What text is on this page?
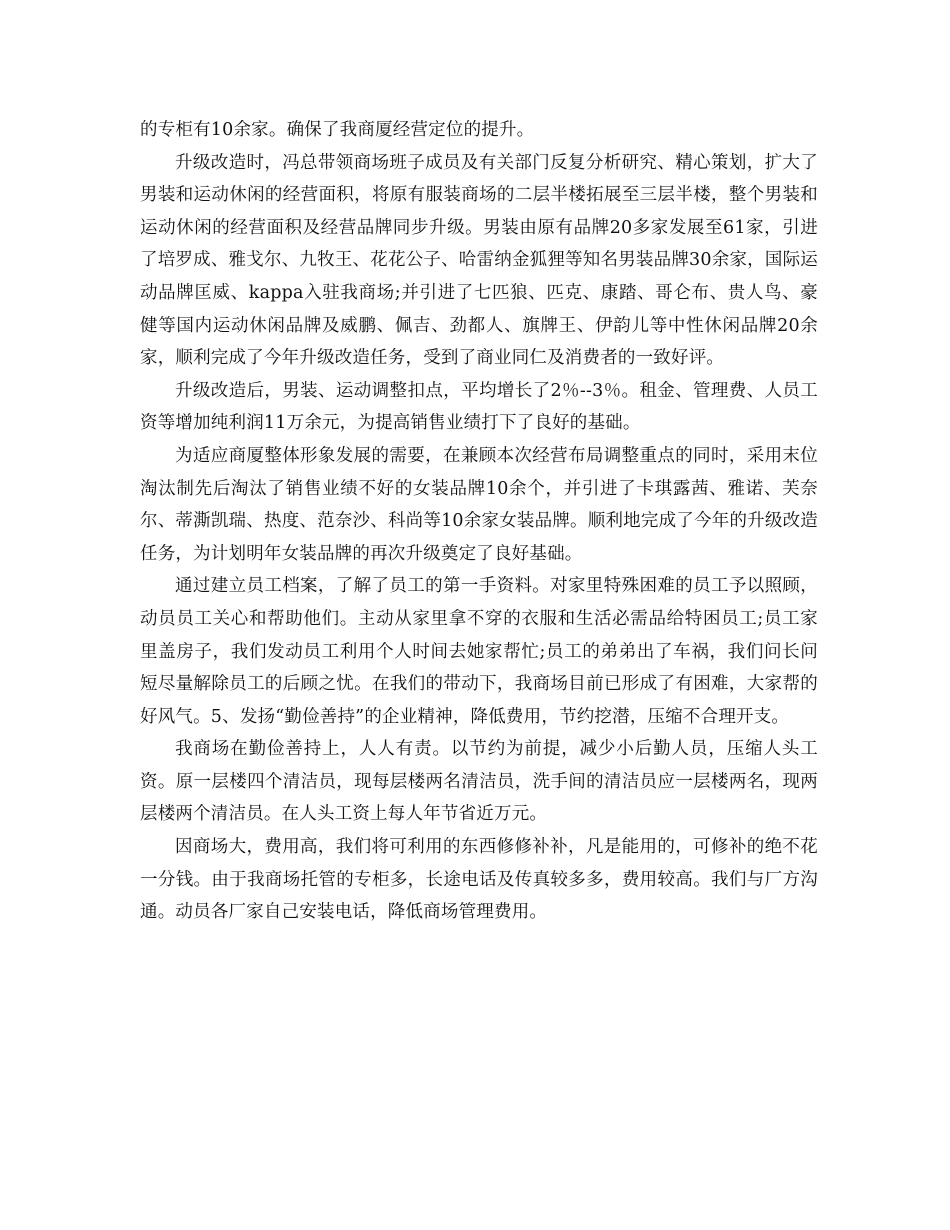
的专柜有10余家。确保了我商厦经营定位的提升。

升级改造时，冯总带领商场班子成员及有关部门反复分析研究、精心策划，扩大了男装和运动休闲的经营面积，将原有服装商场的二层半楼拓展至三层半楼，整个男装和运动休闲的经营面积及经营品牌同步升级。男装由原有品牌20多家发展至61家，引进了培罗成、雅戈尔、九牧王、花花公子、哈雷纳金狐狸等知名男装品牌30余家，国际运动品牌匡威、kappa入驻我商场;并引进了七匹狼、匹克、康踏、哥仑布、贵人鸟、豪健等国内运动休闲品牌及威鹏、佩吉、劲都人、旗牌王、伊韵儿等中性休闲品牌20余家，顺利完成了今年升级改造任务，受到了商业同仁及消费者的一致好评。

升级改造后，男装、运动调整扣点，平均增长了2％--3％。租金、管理费、人员工资等增加纯利润11万余元，为提高销售业绩打下了良好的基础。

为适应商厦整体形象发展的需要，在兼顾本次经营布局调整重点的同时，采用末位淘汰制先后淘汰了销售业绩不好的女装品牌10余个，并引进了卡琪露茜、雅诺、芙奈尔、蒂澌凯瑞、热度、范奈沙、科尚等10余家女装品牌。顺利地完成了今年的升级改造任务，为计划明年女装品牌的再次升级奠定了良好基础。

通过建立员工档案，了解了员工的第一手资料。对家里特殊困难的员工予以照顾，动员员工关心和帮助他们。主动从家里拿不穿的衣服和生活必需品给特困员工;员工家里盖房子，我们发动员工利用个人时间去她家帮忙;员工的弟弟出了车祸，我们问长问短尽量解除员工的后顾之忧。在我们的带动下，我商场目前已形成了有困难，大家帮的好风气。5、发扬“勤俭善持”的企业精神，降低费用，节约挖潜，压缩不合理开支。

我商场在勤俭善持上，人人有责。以节约为前提，减少小后勤人员，压缩人头工资。原一层楼四个清洁员，现每层楼两名清洁员，洗手间的清洁员应一层楼两名，现两层楼两个清洁员。在人头工资上每人年节省近万元。

因商场大，费用高，我们将可利用的东西修修补补，凡是能用的，可修补的绝不花一分钱。由于我商场托管的专柜多，长途电话及传真较多多，费用较高。我们与厂方沟通。动员各厂家自己安装电话，降低商场管理费用。
